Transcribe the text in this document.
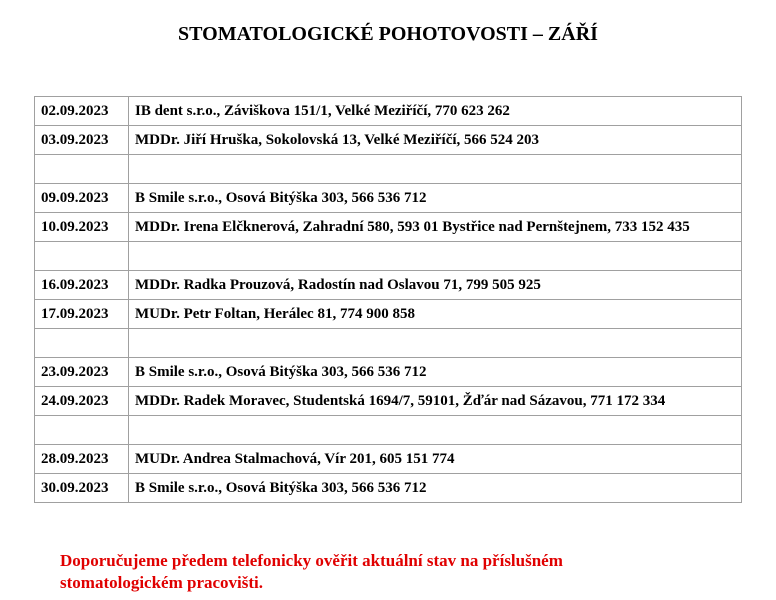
STOMATOLOGICKÉ POHOTOVOSTI – ZÁŘÍ
02.09.2023	IB dent s.r.o., Záviškova 151/1, Velké Meziříčí, 770 623 262
03.09.2023	MDDr. Jiří Hruška, Sokolovská 13, Velké Meziříčí, 566 524 203

09.09.2023	B Smile s.r.o., Osová Bitýška 303, 566 536 712
10.09.2023	MDDr. Irena Elčknerová, Zahradní 580, 593 01 Bystřice nad Pernštejnem, 733 152 435

16.09.2023	MDDr. Radka Prouzová, Radostín nad Oslavou 71, 799 505 925
17.09.2023	MUDr. Petr Foltan, Herálec 81, 774 900 858

23.09.2023	B Smile s.r.o., Osová Bitýška 303, 566 536 712
24.09.2023	MDDr. Radek Moravec, Studentská 1694/7, 59101, Žďár nad Sázavou, 771 172 334

28.09.2023	MUDr. Andrea Stalmachová, Vír 201, 605 151 774
30.09.2023	B Smile s.r.o., Osová Bitýška 303, 566 536 712

Doporučujeme předem telefonicky ověřit aktuální stav na příslušném stomatologickém pracovišti.
